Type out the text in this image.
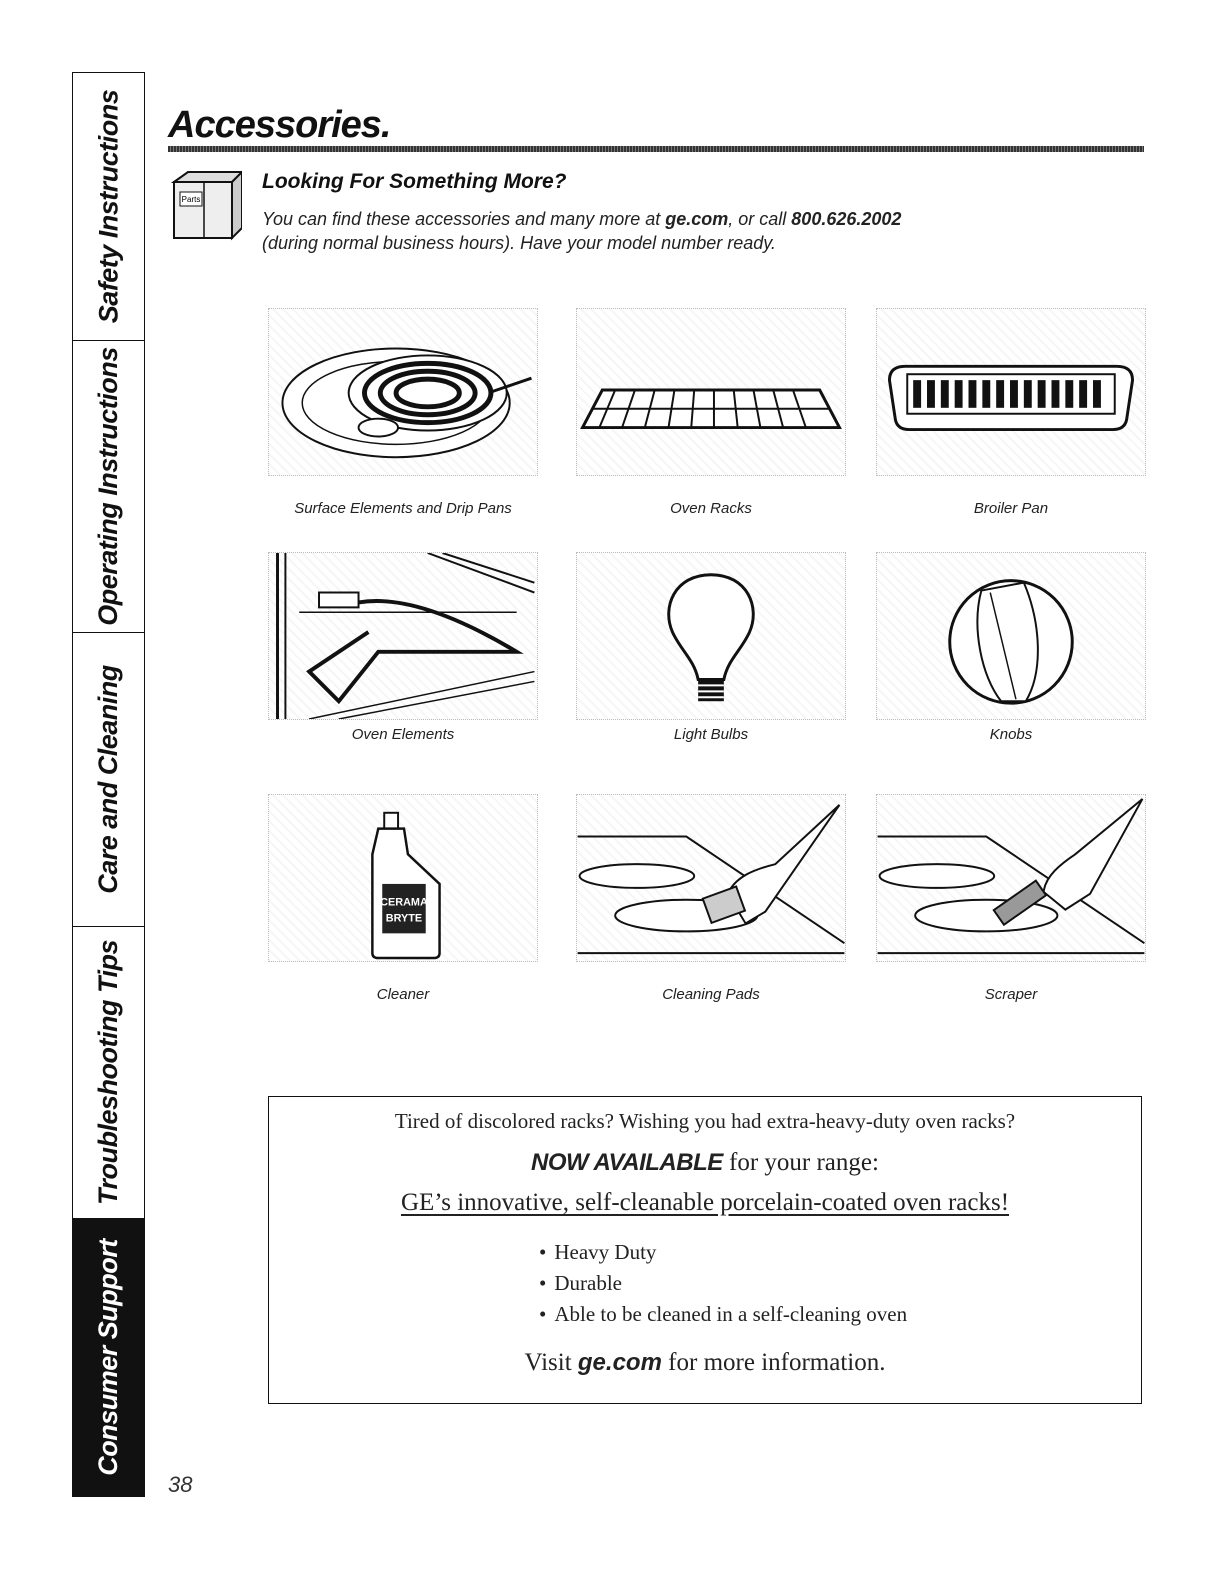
Safety Instructions
Operating Instructions
Care and Cleaning
Troubleshooting Tips
Consumer Support
Accessories.
Parts
Looking For Something More?
You can find these accessories and many more at ge.com, or call 800.626.2002
(during normal business hours). Have your model number ready.
Surface Elements and Drip Pans	Oven Racks	Broiler Pan
Oven Elements	Light Bulbs	Knobs
CERAMA
BRYTE
Cleaner	Cleaning Pads	Scraper
Tired of discolored racks? Wishing you had extra-heavy-duty oven racks?
NOW AVAILABLE for your range:
GE’s innovative, self-cleanable porcelain-coated oven racks!
• Heavy Duty
• Durable
• Able to be cleaned in a self-cleaning oven
Visit ge.com for more information.
38
